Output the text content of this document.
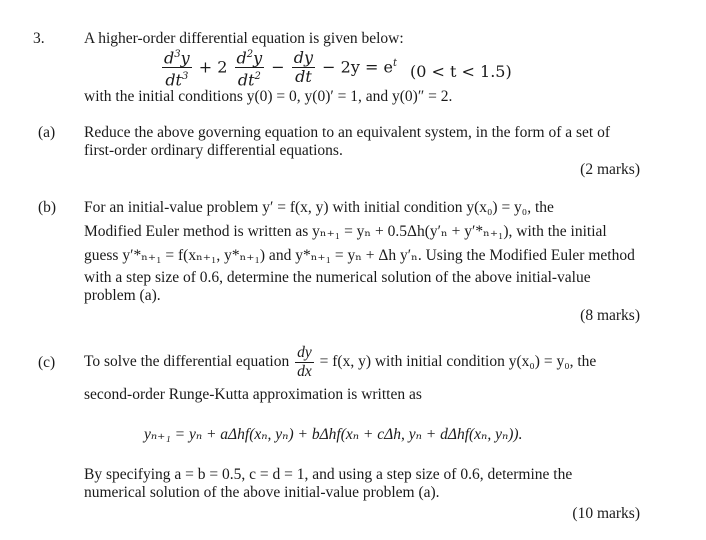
3.	A higher-order differential equation is given below:
$\frac{d^3y}{dt^3} + 2 \frac{d^2y}{dt^2} - \frac{dy}{dt} - 2y = e^t$ (0 < t < 1.5)
with the initial conditions y(0) = 0, y(0)′ = 1, and y(0)″ = 2.
(a) Reduce the above governing equation to an equivalent system, in the form of a set of
first-order ordinary differential equations.
(2 marks)
(b) For an initial-value problem y′ = f(x, y) with initial condition y(x₀) = y₀, the
Modified Euler method is written as yₙ₊₁ = yₙ + 0.5Δh(y′ₙ + y′*ₙ₊₁), with the initial
guess y′*ₙ₊₁ = f(xₙ₊₁, y*ₙ₊₁) and y*ₙ₊₁ = yₙ + Δh y′ₙ. Using the Modified Euler method
with a step size of 0.6, determine the numerical solution of the above initial-value
problem (a).
(8 marks)
(c) To solve the differential equation $\frac{dy}{dx} = f(x$, y) with initial condition y(x₀) = y₀, the
second-order Runge-Kutta approximation is written as
yₙ₊₁ = yₙ + aΔhf(xₙ, yₙ) + bΔhf(xₙ + cΔh, yₙ + dΔhf(xₙ, yₙ)).
By specifying a = b = 0.5, c = d = 1, and using a step size of 0.6, determine the
numerical solution of the above initial-value problem (a).
(10 marks)
